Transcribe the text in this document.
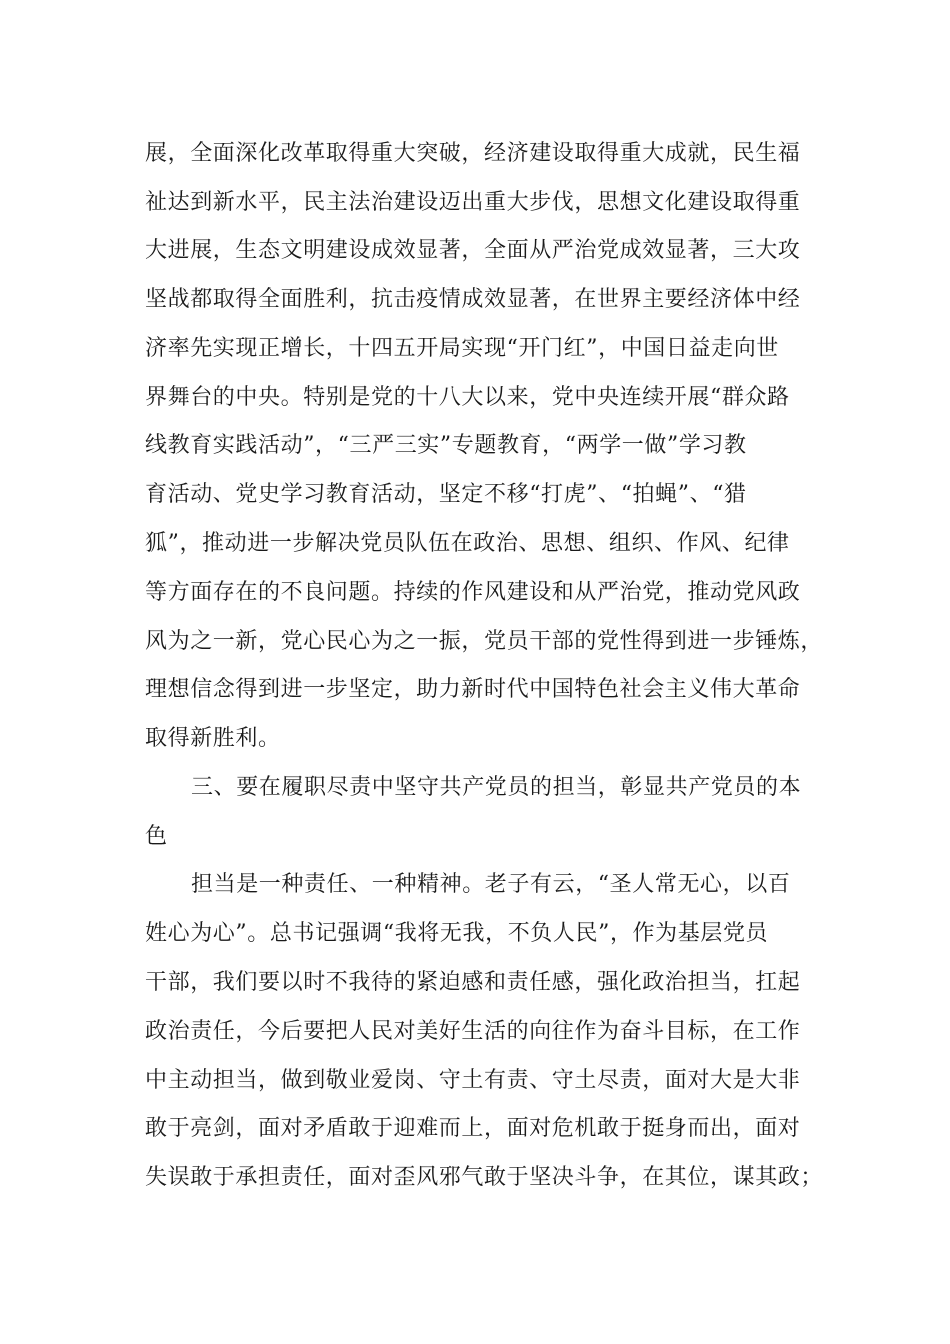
展，全面深化改革取得重大突破，经济建设取得重大成就，民生福

祉达到新水平，民主法治建设迈出重大步伐，思想文化建设取得重

大进展，生态文明建设成效显著，全面从严治党成效显著，三大攻

坚战都取得全面胜利，抗击疫情成效显著，在世界主要经济体中经

济率先实现正增长，十四五开局实现“开门红”，中国日益走向世

界舞台的中央。特别是党的十八大以来，党中央连续开展“群众路

线教育实践活动”，“三严三实”专题教育，“两学一做”学习教

育活动、党史学习教育活动，坚定不移“打虎”、“拍蝇”、“猎

狐”，推动进一步解决党员队伍在政治、思想、组织、作风、纪律

等方面存在的不良问题。持续的作风建设和从严治党，推动党风政

风为之一新，党心民心为之一振，党员干部的党性得到进一步锤炼，

理想信念得到进一步坚定，助力新时代中国特色社会主义伟大革命

取得新胜利。

三、要在履职尽责中坚守共产党员的担当，彰显共产党员的本

色

担当是一种责任、一种精神。老子有云，“圣人常无心，以百

姓心为心”。总书记强调“我将无我，不负人民”，作为基层党员

干部，我们要以时不我待的紧迫感和责任感，强化政治担当，扛起

政治责任，今后要把人民对美好生活的向往作为奋斗目标，在工作

中主动担当，做到敬业爱岗、守土有责、守土尽责，面对大是大非

敢于亮剑，面对矛盾敢于迎难而上，面对危机敢于挺身而出，面对

失误敢于承担责任，面对歪风邪气敢于坚决斗争，在其位，谋其政；
